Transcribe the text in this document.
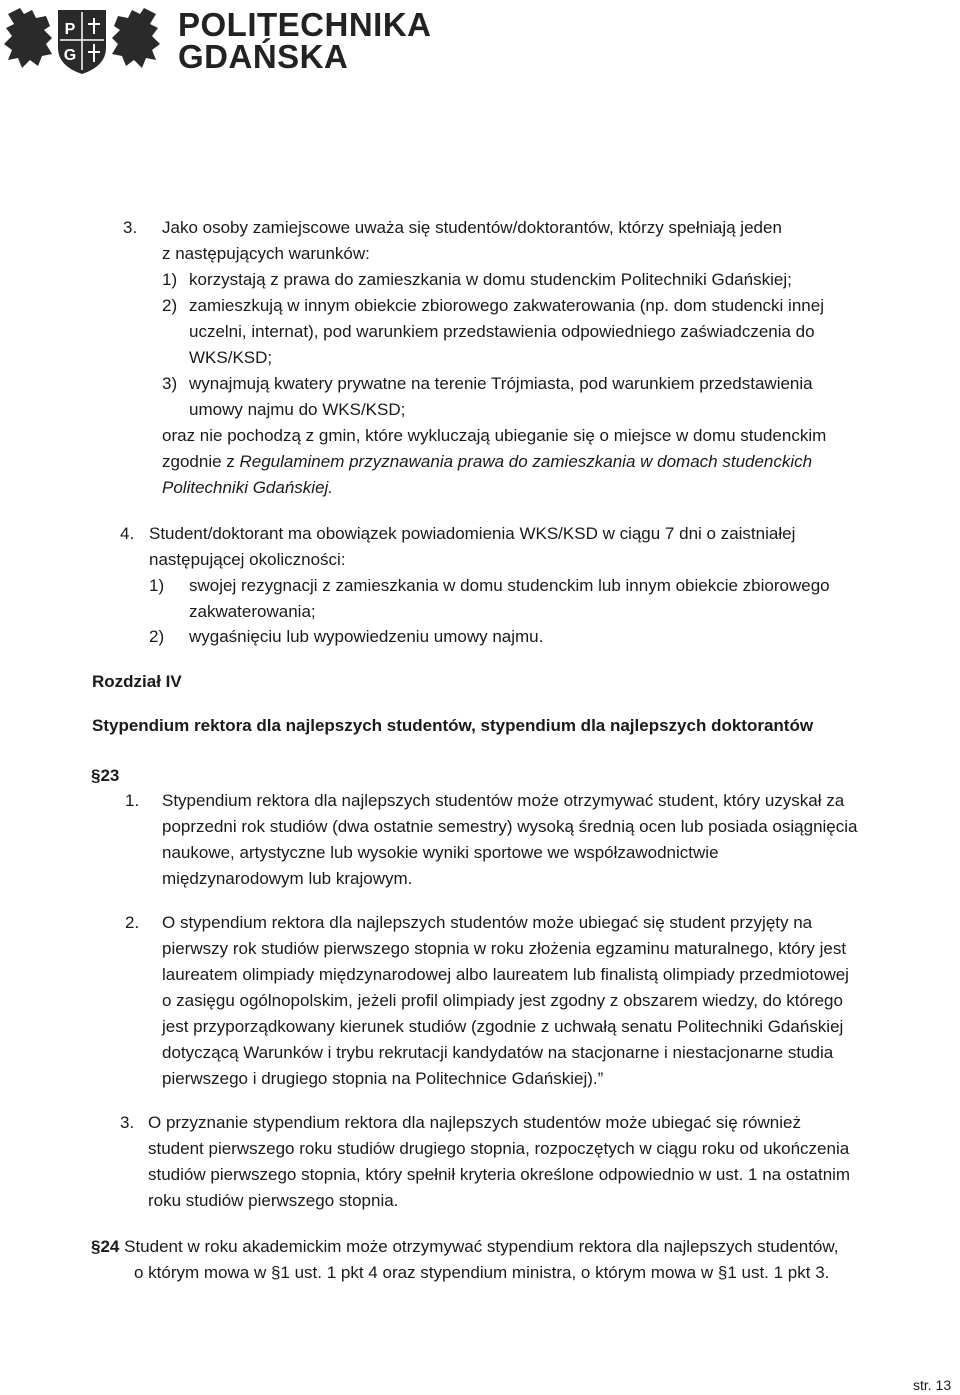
P
G
POLITECHNIKA
GDAŃSKA
3. Jako osoby zamiejscowe uważa się studentów/doktorantów, którzy spełniają jeden
z następujących warunków:
1) korzystają z prawa do zamieszkania w domu studenckim Politechniki Gdańskiej;
2) zamieszkują w innym obiekcie zbiorowego zakwaterowania (np. dom studencki innej
uczelni, internat), pod warunkiem przedstawienia odpowiedniego zaświadczenia do
WKS/KSD;
3) wynajmują kwatery prywatne na terenie Trójmiasta, pod warunkiem przedstawienia
umowy najmu do WKS/KSD;
oraz nie pochodzą z gmin, które wykluczają ubieganie się o miejsce w domu studenckim
zgodnie z Regulaminem przyznawania prawa do zamieszkania w domach studenckich
Politechniki Gdańskiej.
4. Student/doktorant ma obowiązek powiadomienia WKS/KSD w ciągu 7 dni o zaistniałej
następującej okoliczności:
1) swojej rezygnacji z zamieszkania w domu studenckim lub innym obiekcie zbiorowego
zakwaterowania;
2) wygaśnięciu lub wypowiedzeniu umowy najmu.
Rozdział IV
Stypendium rektora dla najlepszych studentów, stypendium dla najlepszych doktorantów
§23
1. Stypendium rektora dla najlepszych studentów może otrzymywać student, który uzyskał za
poprzedni rok studiów (dwa ostatnie semestry) wysoką średnią ocen lub posiada osiągnięcia
naukowe, artystyczne lub wysokie wyniki sportowe we współzawodnictwie
międzynarodowym lub krajowym.
2. O stypendium rektora dla najlepszych studentów może ubiegać się student przyjęty na
pierwszy rok studiów pierwszego stopnia w roku złożenia egzaminu maturalnego, który jest
laureatem olimpiady międzynarodowej albo laureatem lub finalistą olimpiady przedmiotowej
o zasięgu ogólnopolskim, jeżeli profil olimpiady jest zgodny z obszarem wiedzy, do którego
jest przyporządkowany kierunek studiów (zgodnie z uchwałą senatu Politechniki Gdańskiej
dotyczącą Warunków i trybu rekrutacji kandydatów na stacjonarne i niestacjonarne studia
pierwszego i drugiego stopnia na Politechnice Gdańskiej).”
3. O przyznanie stypendium rektora dla najlepszych studentów może ubiegać się również
student pierwszego roku studiów drugiego stopnia, rozpoczętych w ciągu roku od ukończenia
studiów pierwszego stopnia, który spełnił kryteria określone odpowiednio w ust. 1 na ostatnim
roku studiów pierwszego stopnia.
§24 Student w roku akademickim może otrzymywać stypendium rektora dla najlepszych studentów,
o którym mowa w §1 ust. 1 pkt 4 oraz stypendium ministra, o którym mowa w §1 ust. 1 pkt 3.
str. 13
